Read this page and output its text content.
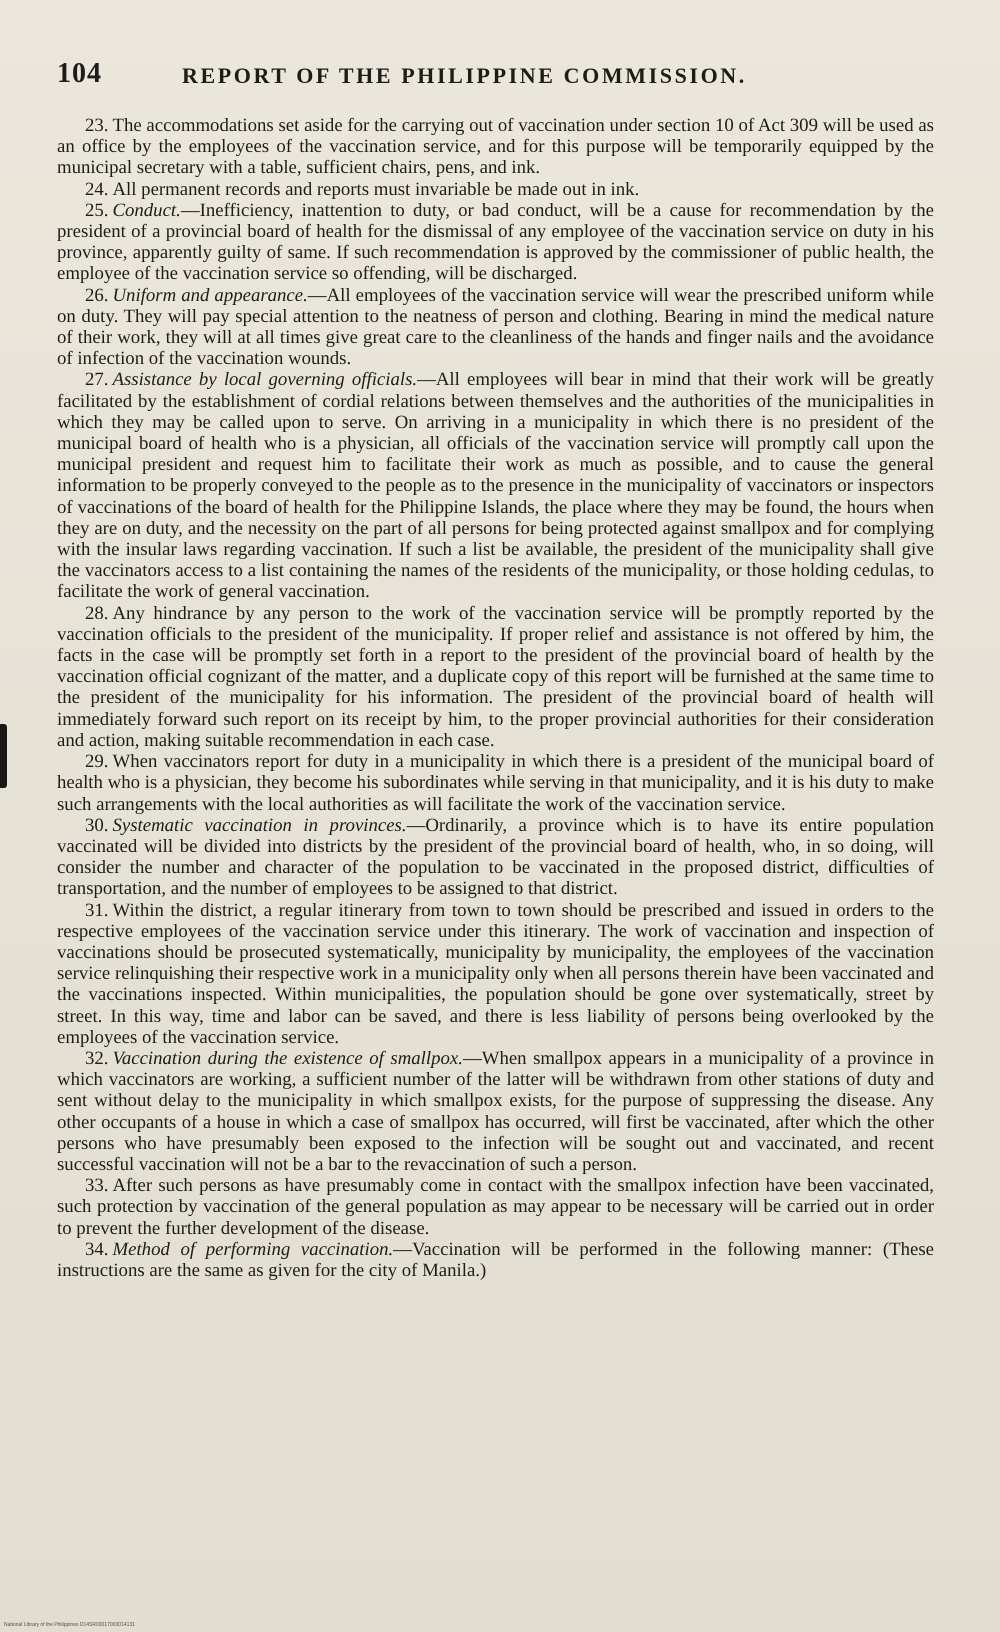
104	REPORT OF THE PHILIPPINE COMMISSION.

23. The accommodations set aside for the carrying out of vaccination under section 10 of Act 309 will be used as an office by the employees of the vaccination service, and for this purpose will be temporarily equipped by the municipal secretary with a table, sufficient chairs, pens, and ink.

24. All permanent records and reports must invariable be made out in ink.

25. Conduct.—Inefficiency, inattention to duty, or bad conduct, will be a cause for recommendation by the president of a provincial board of health for the dismissal of any employee of the vaccination service on duty in his province, apparently guilty of same. If such recommendation is approved by the commissioner of public health, the employee of the vaccination service so offending, will be discharged.

26. Uniform and appearance.—All employees of the vaccination service will wear the prescribed uniform while on duty. They will pay special attention to the neatness of person and clothing. Bearing in mind the medical nature of their work, they will at all times give great care to the cleanliness of the hands and finger nails and the avoidance of infection of the vaccination wounds.

27. Assistance by local governing officials.—All employees will bear in mind that their work will be greatly facilitated by the establishment of cordial relations between themselves and the authorities of the municipalities in which they may be called upon to serve. On arriving in a municipality in which there is no president of the municipal board of health who is a physician, all officials of the vaccination service will promptly call upon the municipal president and request him to facilitate their work as much as possible, and to cause the general information to be properly conveyed to the people as to the presence in the municipality of vaccinators or inspectors of vaccinations of the board of health for the Philippine Islands, the place where they may be found, the hours when they are on duty, and the necessity on the part of all persons for being protected against smallpox and for complying with the insular laws regarding vaccination. If such a list be available, the president of the municipality shall give the vaccinators access to a list containing the names of the residents of the municipality, or those holding cedulas, to facilitate the work of general vaccination.

28. Any hindrance by any person to the work of the vaccination service will be promptly reported by the vaccination officials to the president of the municipality. If proper relief and assistance is not offered by him, the facts in the case will be promptly set forth in a report to the president of the provincial board of health by the vaccination official cognizant of the matter, and a duplicate copy of this report will be furnished at the same time to the president of the municipality for his information. The president of the provincial board of health will immediately forward such report on its receipt by him, to the proper provincial authorities for their consideration and action, making suitable recommendation in each case.

29. When vaccinators report for duty in a municipality in which there is a president of the municipal board of health who is a physician, they become his subordinates while serving in that municipality, and it is his duty to make such arrangements with the local authorities as will facilitate the work of the vaccination service.

30. Systematic vaccination in provinces.—Ordinarily, a province which is to have its entire population vaccinated will be divided into districts by the president of the provincial board of health, who, in so doing, will consider the number and character of the population to be vaccinated in the proposed district, difficulties of transportation, and the number of employees to be assigned to that district.

31. Within the district, a regular itinerary from town to town should be prescribed and issued in orders to the respective employees of the vaccination service under this itinerary. The work of vaccination and inspection of vaccinations should be prosecuted systematically, municipality by municipality, the employees of the vaccination service relinquishing their respective work in a municipality only when all persons therein have been vaccinated and the vaccinations inspected. Within municipalities, the population should be gone over systematically, street by street. In this way, time and labor can be saved, and there is less liability of persons being overlooked by the employees of the vaccination service.

32. Vaccination during the existence of smallpox.—When smallpox appears in a municipality of a province in which vaccinators are working, a sufficient number of the latter will be withdrawn from other stations of duty and sent without delay to the municipality in which smallpox exists, for the purpose of suppressing the disease. Any other occupants of a house in which a case of smallpox has occurred, will first be vaccinated, after which the other persons who have presumably been exposed to the infection will be sought out and vaccinated, and recent successful vaccination will not be a bar to the revaccination of such a person.

33. After such persons as have presumably come in contact with the smallpox infection have been vaccinated, such protection by vaccination of the general population as may appear to be necessary will be carried out in order to prevent the further development of the disease.

34. Method of performing vaccination.—Vaccination will be performed in the following manner: (These instructions are the same as given for the city of Manila.)

National Library of the Philippines D14SR00017003014131
